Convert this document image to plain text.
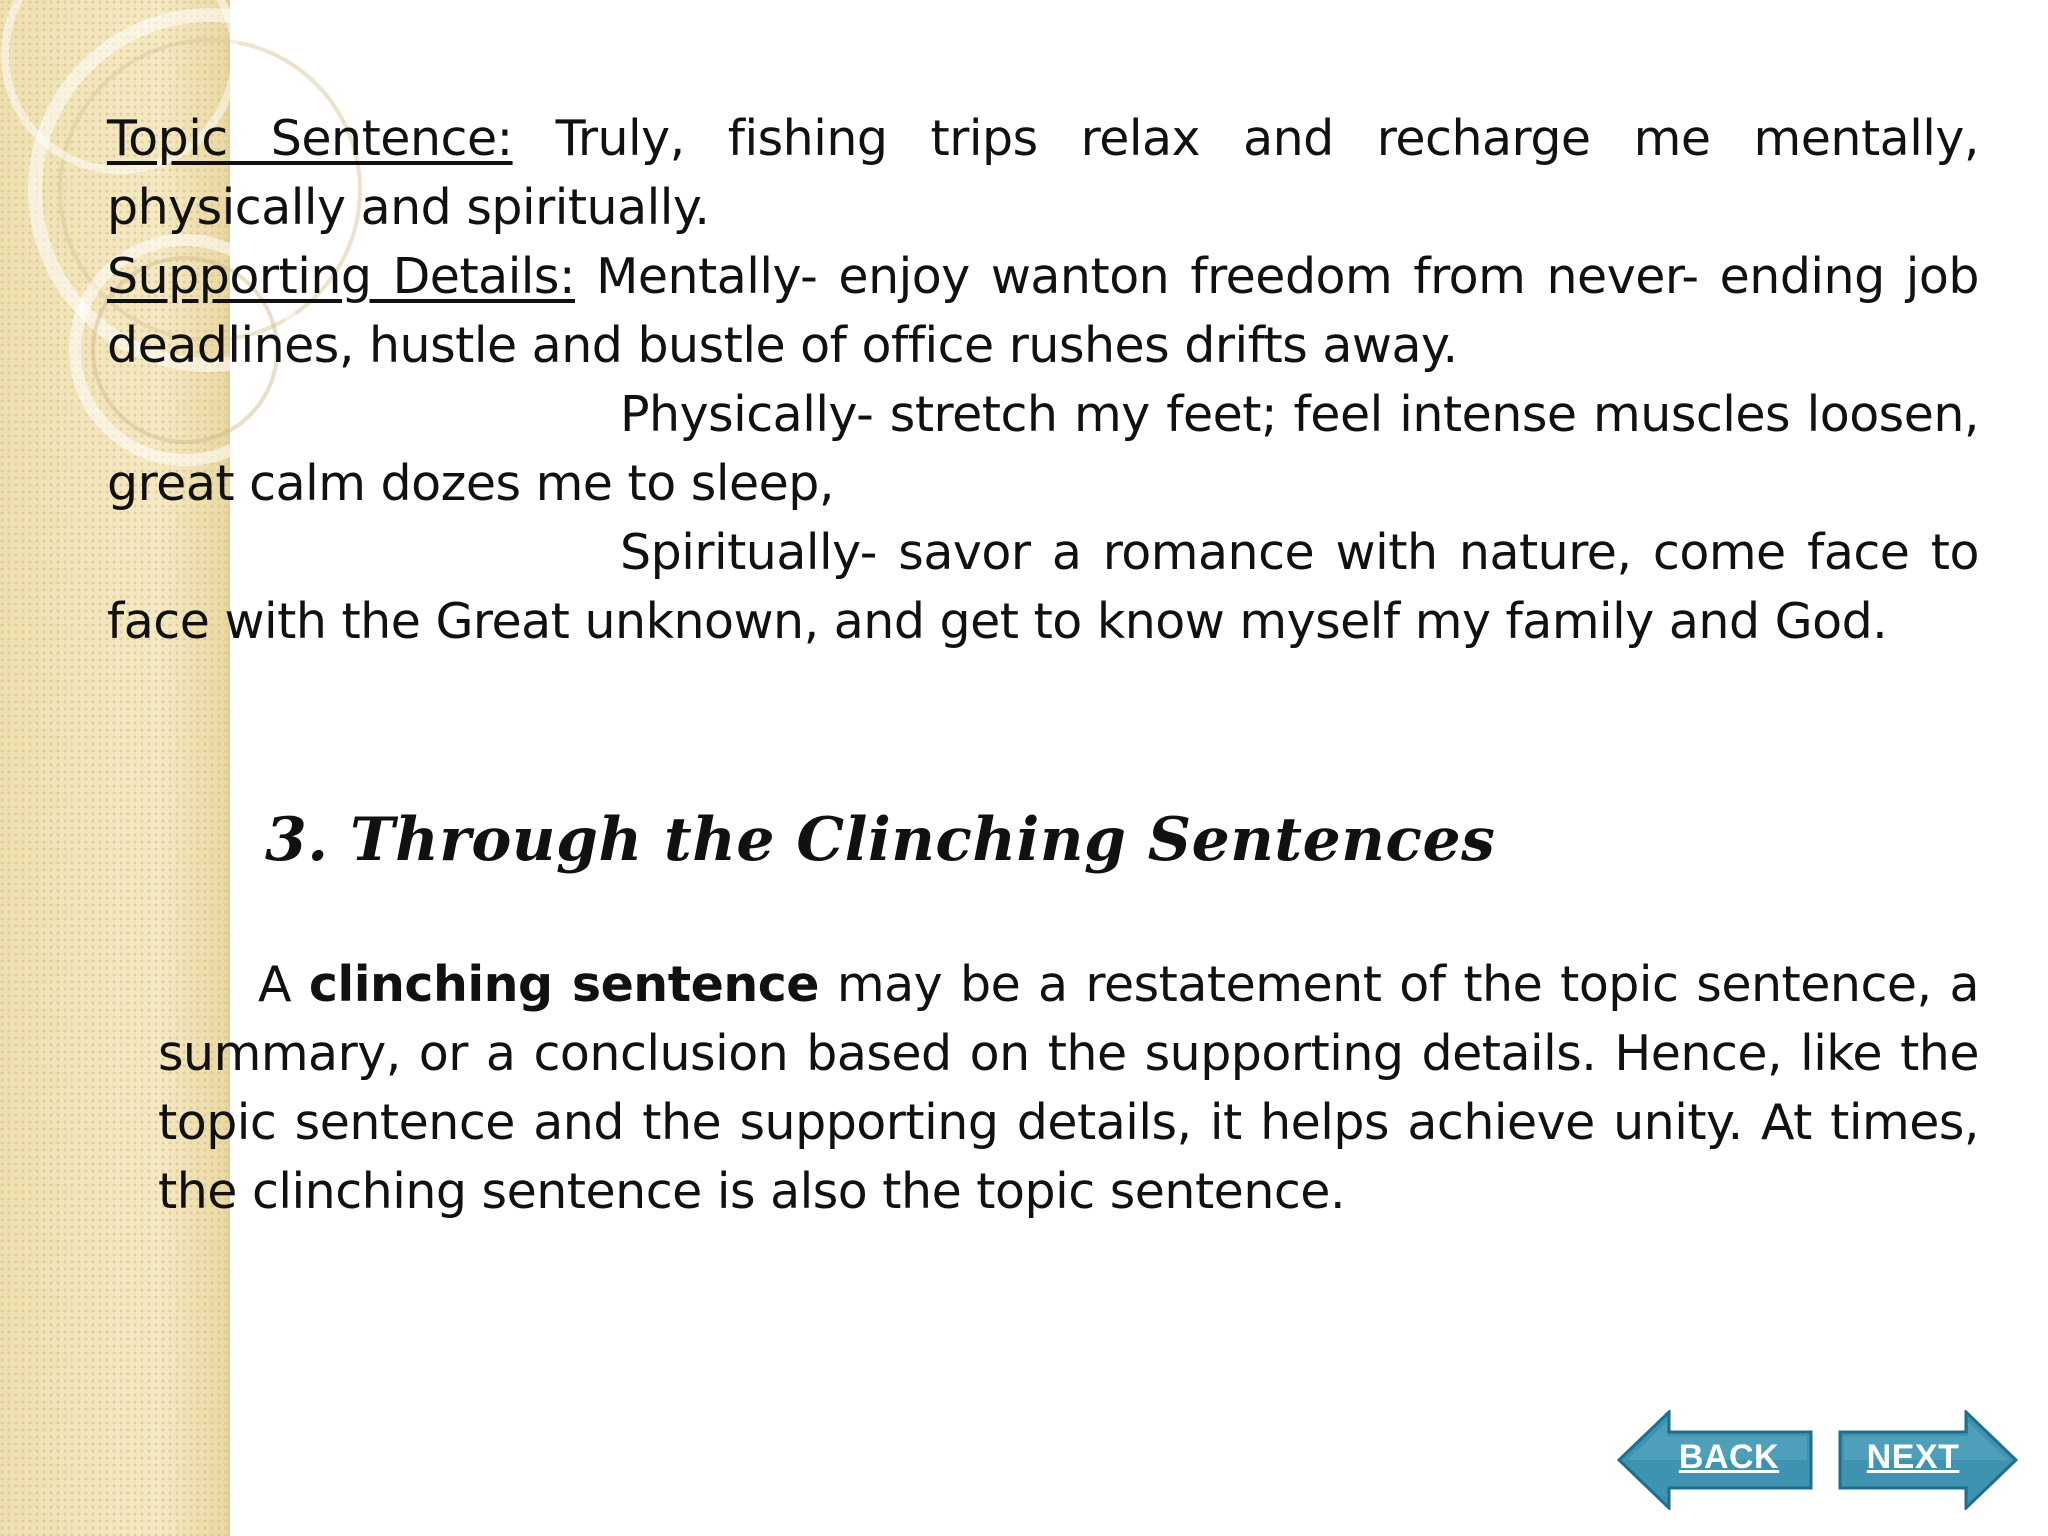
Topic Sentence: Truly, fishing trips relax and recharge me mentally, physically and spiritually.

Supporting Details: Mentally- enjoy wanton freedom from never- ending job deadlines, hustle and bustle of office rushes drifts away.

Physically- stretch my feet; feel intense muscles loosen, great calm dozes me to sleep,

Spiritually- savor a romance with nature, come face to face with the Great unknown, and get to know myself my family and God.

3. Through the Clinching Sentences
A clinching sentence may be a restatement of the topic sentence, a summary, or a conclusion based on the supporting details. Hence, like the topic sentence and the supporting details, it helps achieve unity. At times, the clinching sentence is also the topic sentence.
BACK	NEXT
